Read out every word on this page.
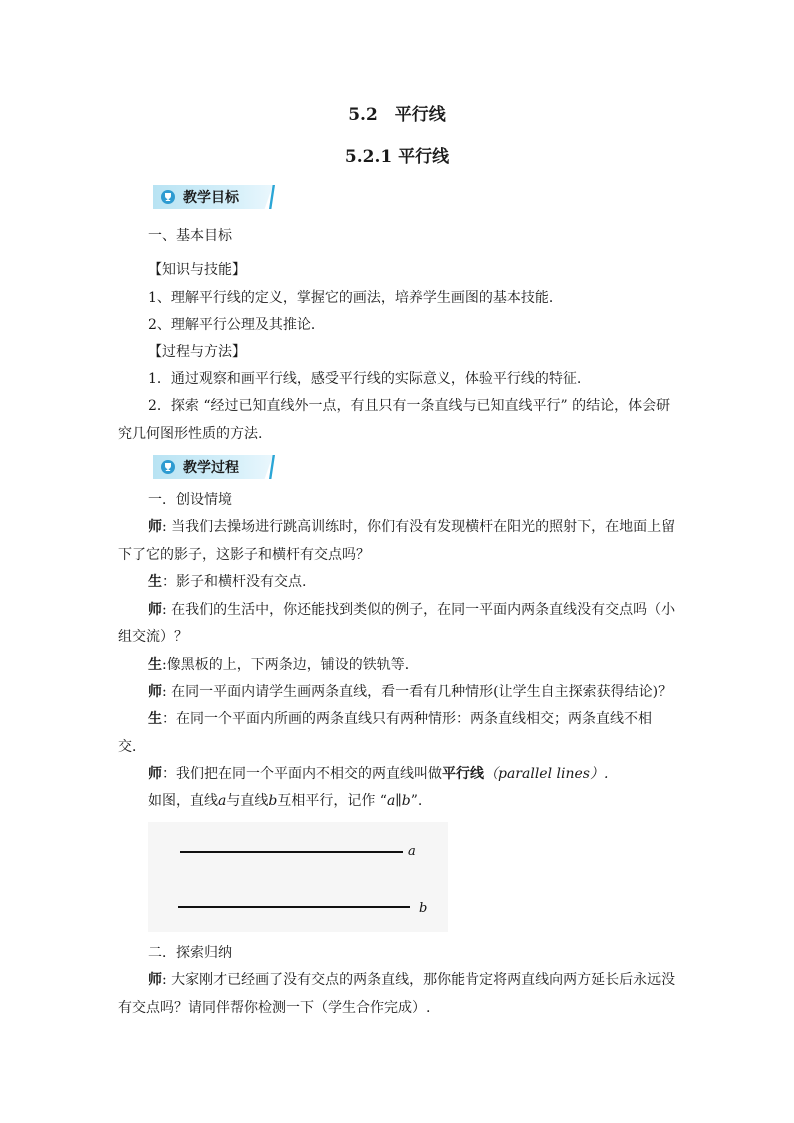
5.2　平行线
5.2.1 平行线
教学目标
一、基本目标
【知识与技能】
1、理解平行线的定义，掌握它的画法，培养学生画图的基本技能．
2、理解平行公理及其推论．
【过程与方法】
1．通过观察和画平行线，感受平行线的实际意义，体验平行线的特征.
2．探索 “经过已知直线外一点，有且只有一条直线与已知直线平行” 的结论，体会研
究几何图形性质的方法.
教学过程
一．创设情境
师: 当我们去操场进行跳高训练时，你们有没有发现横杆在阳光的照射下，在地面上留
下了它的影子，这影子和横杆有交点吗？
生：影子和横杆没有交点.
师: 在我们的生活中，你还能找到类似的例子，在同一平面内两条直线没有交点吗（小
组交流）？
生:像黑板的上，下两条边，铺设的铁轨等．
师: 在同一平面内请学生画两条直线，看一看有几种情形(让学生自主探索获得结论)？
生：在同一个平面内所画的两条直线只有两种情形：两条直线相交；两条直线不相
交．
师：我们把在同一个平面内不相交的两直线叫做平行线（parallel lines）.
如图，直线a与直线b互相平行，记作 “a∥b”.
a
b
二．探索归纳
师: 大家刚才已经画了没有交点的两条直线，那你能肯定将两直线向两方延长后永远没
有交点吗？请同伴帮你检测一下（学生合作完成）.
